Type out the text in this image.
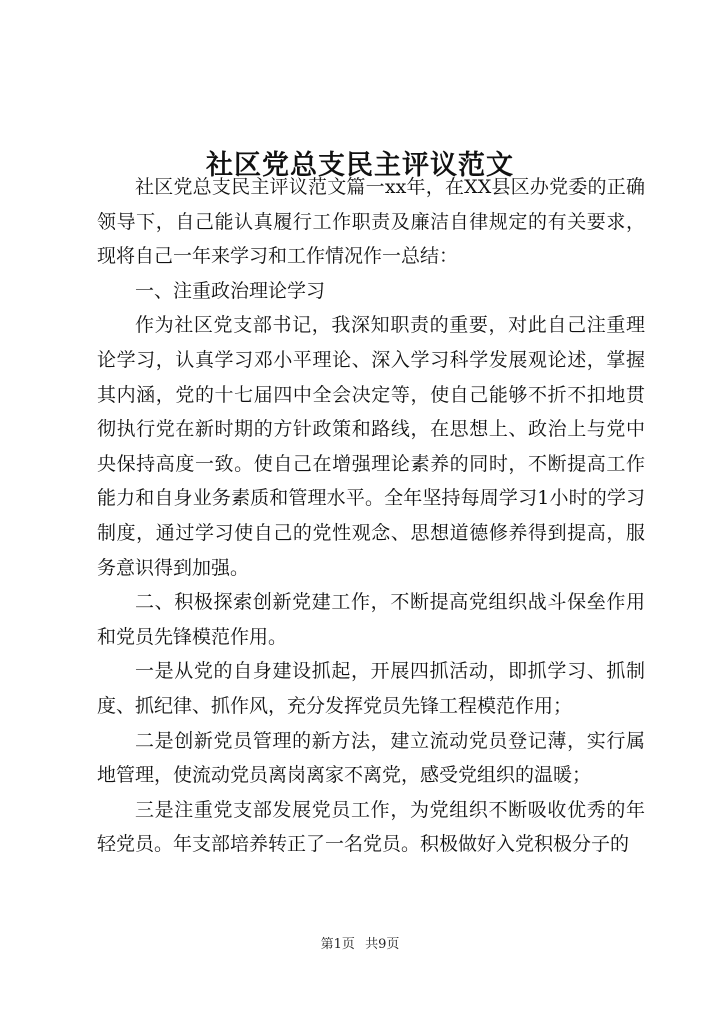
社区党总支民主评议范文

社区党总支民主评议范文篇一xx年，在XX县区办党委的正确领导下，自己能认真履行工作职责及廉洁自律规定的有关要求，现将自己一年来学习和工作情况作一总结：

一、注重政治理论学习

作为社区党支部书记，我深知职责的重要，对此自己注重理论学习，认真学习邓小平理论、深入学习科学发展观论述，掌握其内涵，党的十七届四中全会决定等，使自己能够不折不扣地贯彻执行党在新时期的方针政策和路线，在思想上、政治上与党中央保持高度一致。使自己在增强理论素养的同时，不断提高工作能力和自身业务素质和管理水平。全年坚持每周学习1小时的学习制度，通过学习使自己的党性观念、思想道德修养得到提高，服务意识得到加强。

二、积极探索创新党建工作，不断提高党组织战斗保垒作用和党员先锋模范作用。

一是从党的自身建设抓起，开展四抓活动，即抓学习、抓制度、抓纪律、抓作风，充分发挥党员先锋工程模范作用；

二是创新党员管理的新方法，建立流动党员登记薄，实行属地管理，使流动党员离岗离家不离党，感受党组织的温暖；

三是注重党支部发展党员工作，为党组织不断吸收优秀的年轻党员。年支部培养转正了一名党员。积极做好入党积极分子的

第1页 共9页
